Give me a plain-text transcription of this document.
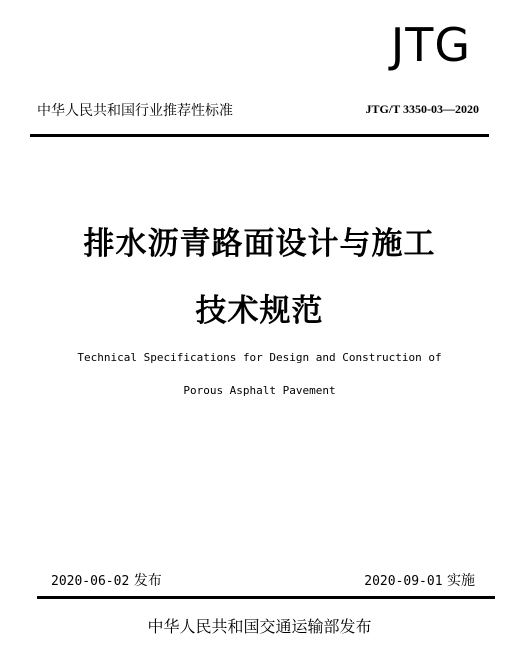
JTG
中华人民共和国行业推荐性标准	JTG/T 3350-03—2020
排水沥青路面设计与施工
技术规范
Technical Specifications for Design and Construction of
Porous Asphalt Pavement
2020-06-02 发布	2020-09-01 实施
中华人民共和国交通运输部发布
